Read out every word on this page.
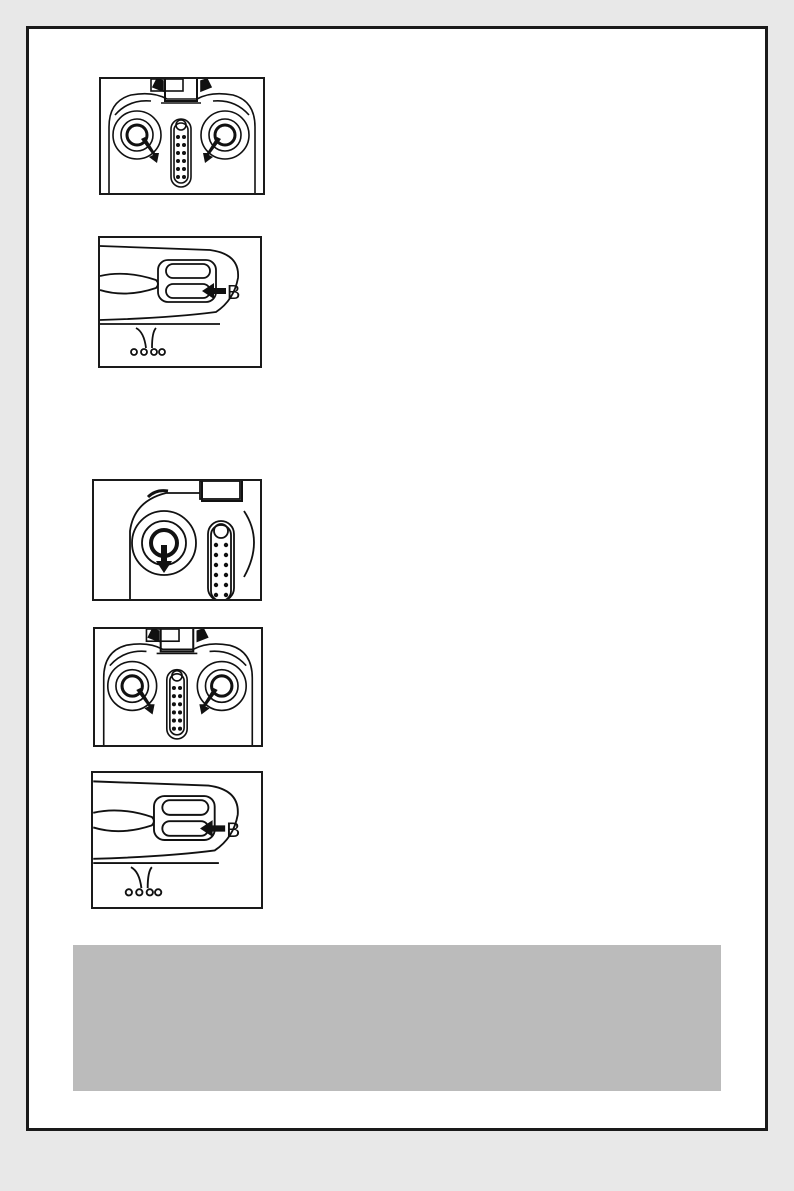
B
B
